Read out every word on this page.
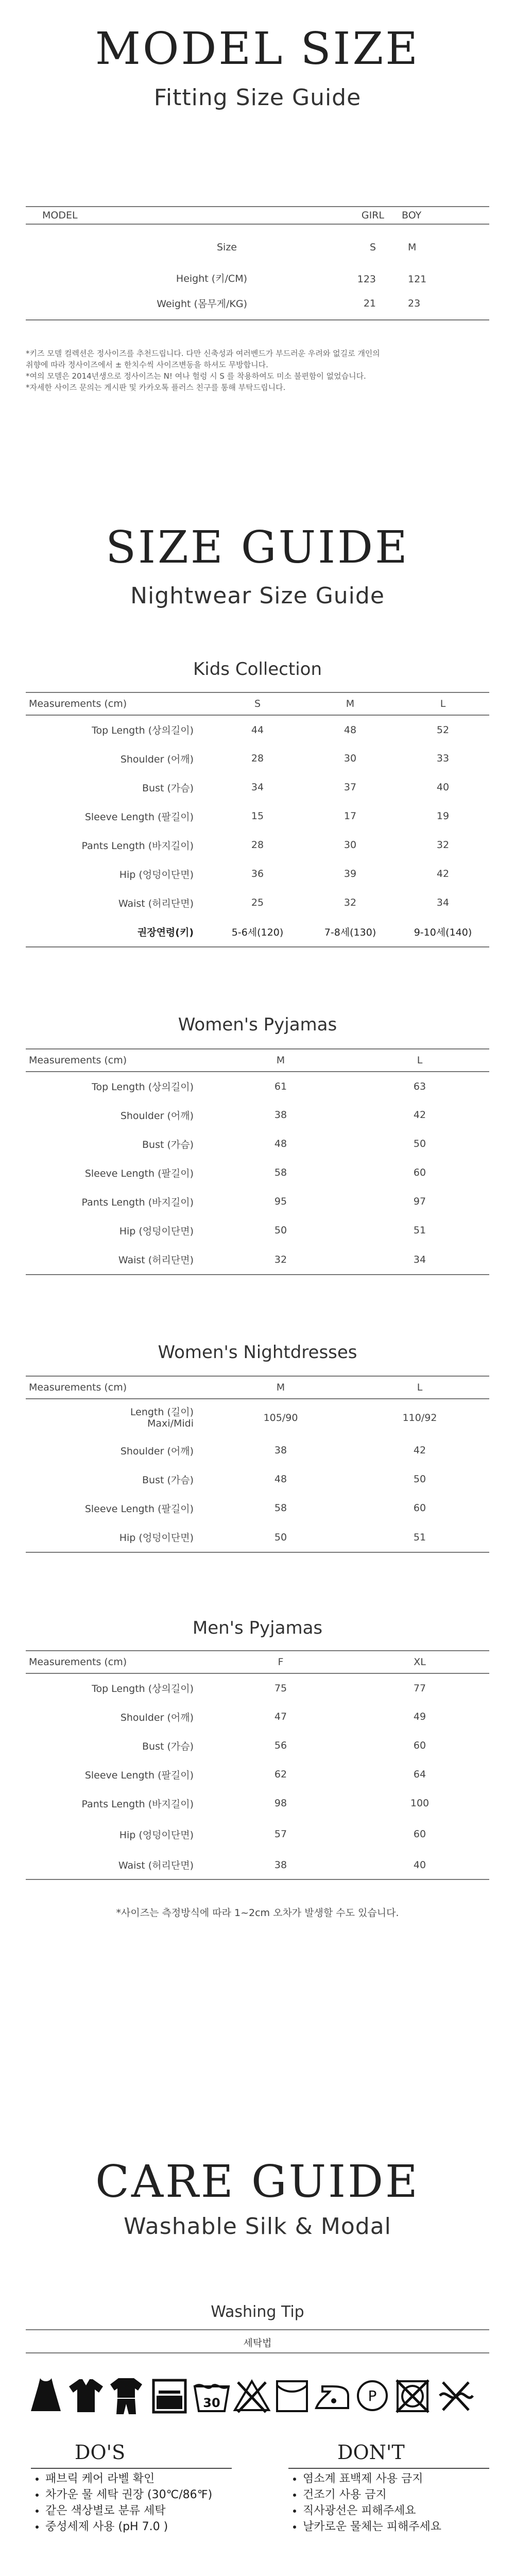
MODEL SIZE
Fitting Size Guide
MODEL	GIRL	BOY
Size	S	M
Height (키/CM)	123	121
Weight (몸무게/KG)	21	23
*키즈 모델 컬렉션은 정사이즈를 추천드립니다. 다만 신축성과 여러벤드가 부드러운 우려와 없길로 개인의
취향에 따라 정사이즈에서 ± 한치수씩 사이즈변동을 하셔도 무방합니다.
*여의 모델은 2014년생으로 정사이즈는 N! 여나 헐렁 시 S 를 착용하여도 미소 불편함이 없었습니다.
*자세한 사이즈 문의는 게시판 및 카카오톡 플러스 친구를 통해 부탁드립니다.
SIZE GUIDE
Nightwear Size Guide
Kids Collection
Measurements (cm)	S	M	L
Top Length (상의길이)	44	48	52
Shoulder (어깨)	28	30	33
Bust (가슴)	34	37	40
Sleeve Length (팔길이)	15	17	19
Pants Length (바지길이)	28	30	32
Hip (엉덩이단면)	36	39	42
Waist (허리단면)	25	32	34
권장연령(키)	5-6세(120)	7-8세(130)	9-10세(140)
Women's Pyjamas
Measurements (cm)	M	L
Top Length (상의길이)	61	63
Shoulder (어깨)	38	42
Bust (가슴)	48	50
Sleeve Length (팔길이)	58	60
Pants Length (바지길이)	95	97
Hip (엉덩이단면)	50	51
Waist (허리단면)	32	34
Women's Nightdresses
Measurements (cm)	M	L

Length (길이)
Maxi/Midi	105/90	110/92
Shoulder (어깨)	38	42
Bust (가슴)	48	50
Sleeve Length (팔길이)	58	60
Hip (엉덩이단면)	50	51
Men's Pyjamas
Measurements (cm)	F	XL
Top Length (상의길이)	75	77
Shoulder (어깨)	47	49
Bust (가슴)	56	60
Sleeve Length (팔길이)	62	64
Pants Length (바지길이)	98	100
Hip (엉덩이단면)	57	60
Waist (허리단면)	38	40
*사이즈는 측정방식에 따라 1~2cm 오차가 발생할 수도 있습니다.
CARE GUIDE
Washable Silk & Modal
Washing Tip
세탁법
30	P
DO'S
• 패브릭 케어 라벨 확인
• 차가운 물 세탁 권장 (30℃/86℉)
• 같은 색상별로 분류 세탁
• 중성세제 사용 (pH 7.0 )
DON'T
• 염소계 표백제 사용 금지
• 건조기 사용 금지
• 직사광선은 피해주세요
• 날카로운 물체는 피해주세요
